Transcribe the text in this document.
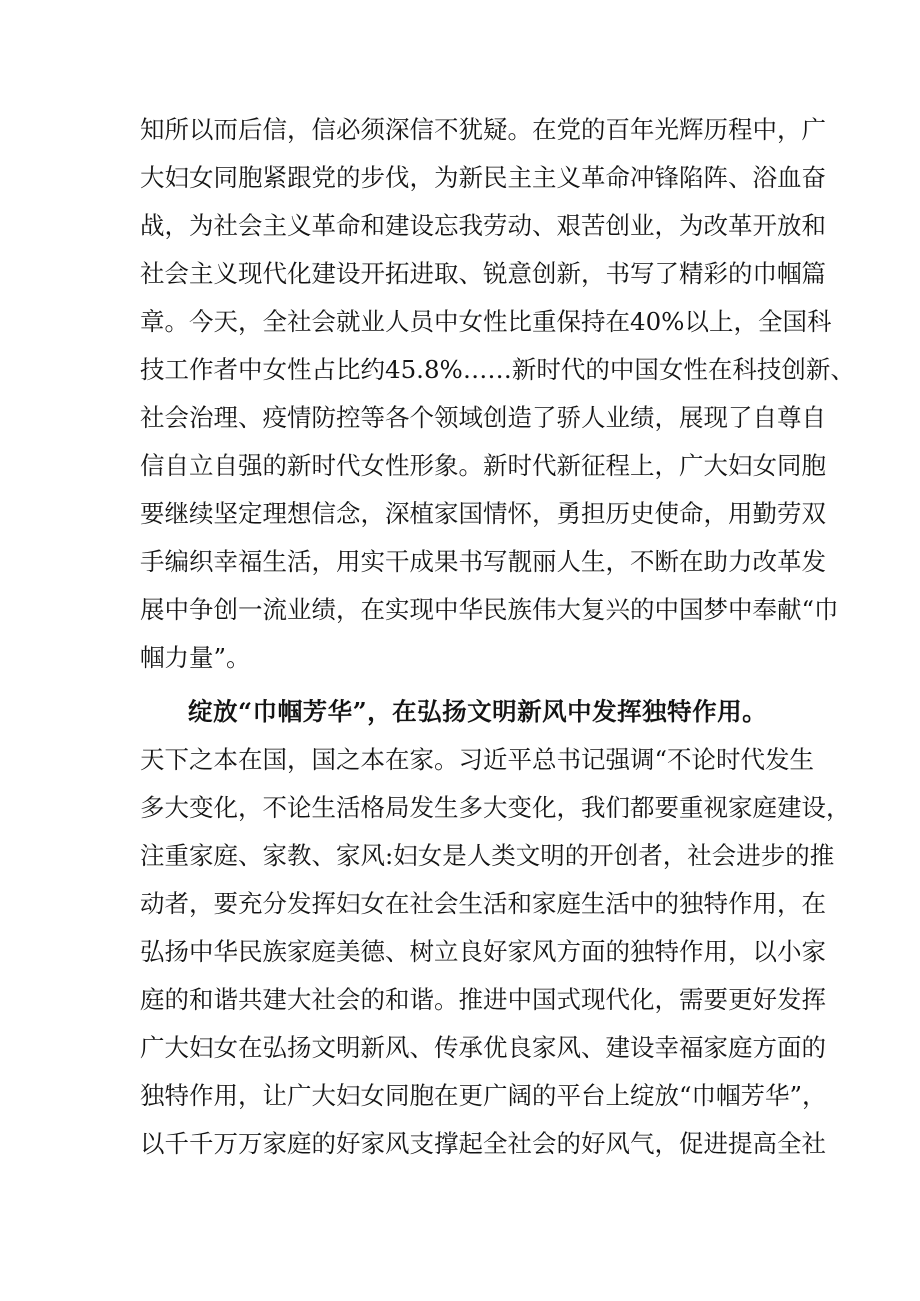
知所以而后信，信必须深信不犹疑。在党的百年光辉历程中，广
大妇女同胞紧跟党的步伐，为新民主主义革命冲锋陷阵、浴血奋
战，为社会主义革命和建设忘我劳动、艰苦创业，为改革开放和
社会主义现代化建设开拓进取、锐意创新，书写了精彩的巾帼篇
章。今天，全社会就业人员中女性比重保持在40%以上，全国科
技工作者中女性占比约45.8%……新时代的中国女性在科技创新、
社会治理、疫情防控等各个领域创造了骄人业绩，展现了自尊自
信自立自强的新时代女性形象。新时代新征程上，广大妇女同胞
要继续坚定理想信念，深植家国情怀，勇担历史使命，用勤劳双
手编织幸福生活，用实干成果书写靓丽人生，不断在助力改革发
展中争创一流业绩，在实现中华民族伟大复兴的中国梦中奉献“巾
帼力量”。
绽放“巾帼芳华”，在弘扬文明新风中发挥独特作用。
天下之本在国，国之本在家。习近平总书记强调“不论时代发生
多大变化，不论生活格局发生多大变化，我们都要重视家庭建设，
注重家庭、家教、家风:妇女是人类文明的开创者，社会进步的推
动者，要充分发挥妇女在社会生活和家庭生活中的独特作用，在
弘扬中华民族家庭美德、树立良好家风方面的独特作用，以小家
庭的和谐共建大社会的和谐。推进中国式现代化，需要更好发挥
广大妇女在弘扬文明新风、传承优良家风、建设幸福家庭方面的
独特作用，让广大妇女同胞在更广阔的平台上绽放“巾帼芳华”，
以千千万万家庭的好家风支撑起全社会的好风气，促进提高全社
